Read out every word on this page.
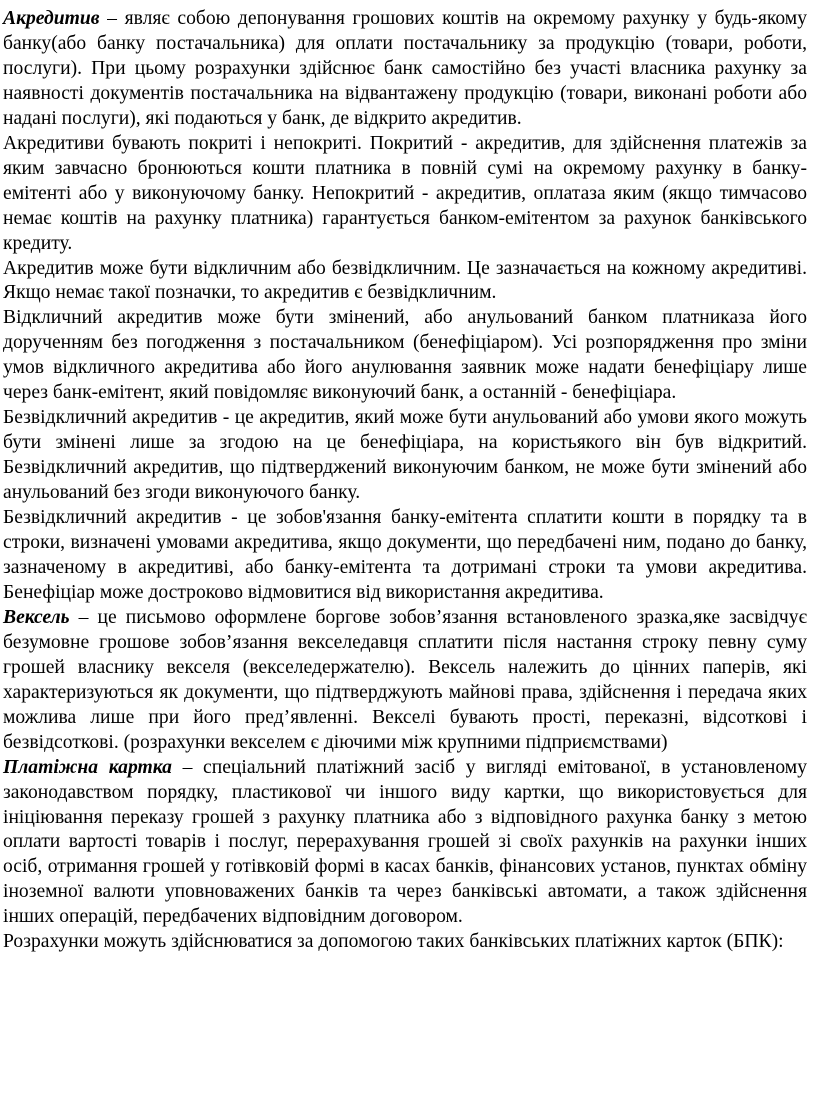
Акредитив – являє собою депонування грошових коштів на окремому рахунку у будь-якому банку(або банку постачальника) для оплати постачальнику за продукцію (товари, роботи, послуги). При цьому розрахунки здійснює банк самостійно без участі власника рахунку за наявності документів постачальника на відвантажену продукцію (товари, виконані роботи або надані послуги), які подаються у банк, де відкрито акредитив.

Акредитиви бувають покриті і непокриті. Покритий - акредитив, для здійснення платежів за яким завчасно бронюються кошти платника в повній сумі на окремому рахунку в банку-емітенті або у виконуючому банку. Непокритий - акредитив, оплатаза яким (якщо тимчасово немає коштів на рахунку платника) гарантується банком-емітентом за рахунок банківського кредиту.

Акредитив може бути відкличним або безвідкличним. Це зазначається на кожному акредитиві. Якщо немає такої позначки, то акредитив є безвідкличним.

Відкличний акредитив може бути змінений, або анульований банком платниказа його дорученням без погодження з постачальником (бенефіціаром). Усі розпорядження про зміни умов відкличного акредитива або його анулювання заявник може надати бенефіціару лише через банк-емітент, який повідомляє виконуючий банк, а останній - бенефіціара.

Безвідкличний акредитив - це акредитив, який може бути анульований або умови якого можуть бути змінені лише за згодою на це бенефіціара, на користьякого він був відкритий. Безвідкличний акредитив, що підтверджений виконуючим банком, не може бути змінений або анульований без згоди виконуючого банку.

Безвідкличний акредитив - це зобов'язання банку-емітента сплатити кошти в порядку та в строки, визначені умовами акредитива, якщо документи, що передбачені ним, подано до банку, зазначеному в акредитиві, або банку-емітента та дотримані строки та умови акредитива. Бенефіціар може достроково відмовитися від використання акредитива.

Вексель – це письмово оформлене боргове зобов’язання встановленого зразка,яке засвідчує безумовне грошове зобов’язання векселедавця сплатити після настання строку певну суму грошей власнику векселя (векселедержателю). Вексель належить до цінних паперів, які характеризуються як документи, що підтверджують майнові права, здійснення і передача яких можлива лише при його пред’явленні. Векселі бувають прості, переказні, відсоткові і безвідсоткові. (розрахунки векселем є діючими між крупними підприємствами)

Платіжна картка – спеціальний платіжний засіб у вигляді емітованої, в установленому законодавством порядку, пластикової чи іншого виду картки, що використовується для ініціювання переказу грошей з рахунку платника або з відповідного рахунка банку з метою оплати вартості товарів і послуг, перерахування грошей зі своїх рахунків на рахунки інших осіб, отримання грошей у готівковій формі в касах банків, фінансових установ, пунктах обміну іноземної валюти уповноважених банків та через банківські автомати, а також здійснення інших операцій, передбачених відповідним договором.

Розрахунки можуть здійснюватися за допомогою таких банківських платіжних карток (БПК):
